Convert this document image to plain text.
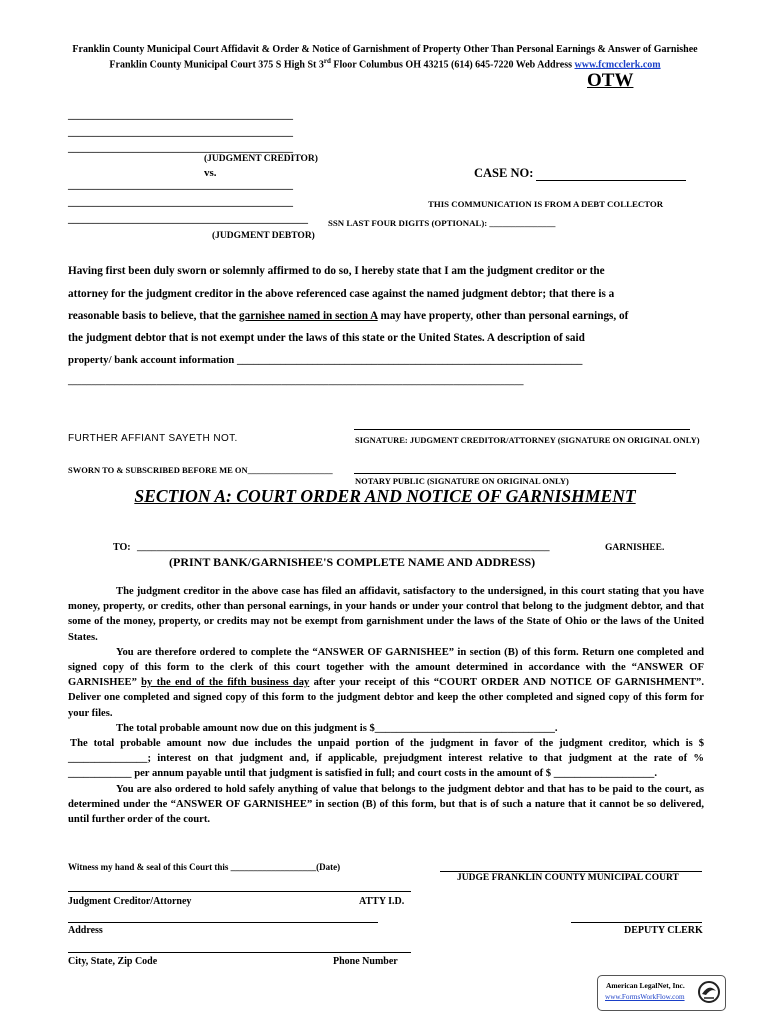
Franklin County Municipal Court Affidavit & Order & Notice of Garnishment of Property Other Than Personal Earnings & Answer of Garnishee
Franklin County Municipal Court 375 S High St 3rd Floor Columbus OH 43215 (614) 645-7220 Web Address www.fcmcclerk.com
OTW
_____________________________________________
_____________________________________________
_____________________________________________
(JUDGMENT CREDITOR)
vs.	CASE NO:
_____________________________________________
_____________________________________________	THIS COMMUNICATION IS FROM A DEBT COLLECTOR
________________________________________________ SSN LAST FOUR DIGITS (OPTIONAL): _______________
(JUDGMENT DEBTOR)
Having first been duly sworn or solemnly affirmed to do so, I hereby state that I am the judgment creditor or the
attorney for the judgment creditor in the above referenced case against the named judgment debtor; that there is a
reasonable basis to believe, that the garnishee named in section A may have property, other than personal earnings, of
the judgment debtor that is not exempt under the laws of this state or the United States. A description of said
property/ bank account information ________________________________________________________________
__________________________________________________________________________________________________
FURTHER AFFIANT SAYETH NOT.	SIGNATURE: JUDGMENT CREDITOR/ATTORNEY (SIGNATURE ON ORIGINAL ONLY)
SWORN TO & SUBSCRIBED BEFORE ME ON____________________
NOTARY PUBLIC (SIGNATURE ON ORIGINAL ONLY)
SECTION A: COURT ORDER AND NOTICE OF GARNISHMENT
TO: ______________________________________________________________________________________	GARNISHEE.
(PRINT BANK/GARNISHEE'S COMPLETE NAME AND ADDRESS)

The judgment creditor in the above case has filed an affidavit, satisfactory to the undersigned, in this court stating that you have money, property, or credits, other than personal earnings, in your hands or under your control that belong to the judgment debtor, and that some of the money, property, or credits may not be exempt from garnishment under the laws of the State of Ohio or the laws of the United States.

You are therefore ordered to complete the “ANSWER OF GARNISHEE” in section (B) of this form. Return one completed and signed copy of this form to the clerk of this court together with the amount determined in accordance with the “ANSWER OF GARNISHEE” by the end of the fifth business day after your receipt of this “COURT ORDER AND NOTICE OF GARNISHMENT”. Deliver one completed and signed copy of this form to the judgment debtor and keep the other completed and signed copy of this form for your files.

The total probable amount now due on this judgment is $__________________________________.

The total probable amount now due includes the unpaid portion of the judgment in favor of the judgment creditor, which is $ _______________; interest on that judgment and, if applicable, prejudgment interest relative to that judgment at the rate of % ____________ per annum payable until that judgment is satisfied in full; and court costs in the amount of $ ___________________.

You are also ordered to hold safely anything of value that belongs to the judgment debtor and that has to be paid to the court, as determined under the “ANSWER OF GARNISHEE” in section (B) of this form, but that is of such a nature that it cannot be so delivered, until further order of the court.

Witness my hand & seal of this Court this ___________________(Date)
JUDGE FRANKLIN COUNTY MUNICIPAL COURT
Judgment Creditor/Attorney	ATTY I.D.
Address	DEPUTY CLERK
City, State, Zip Code	Phone Number
American LegalNet, Inc.
www.FormsWorkFlow.com
